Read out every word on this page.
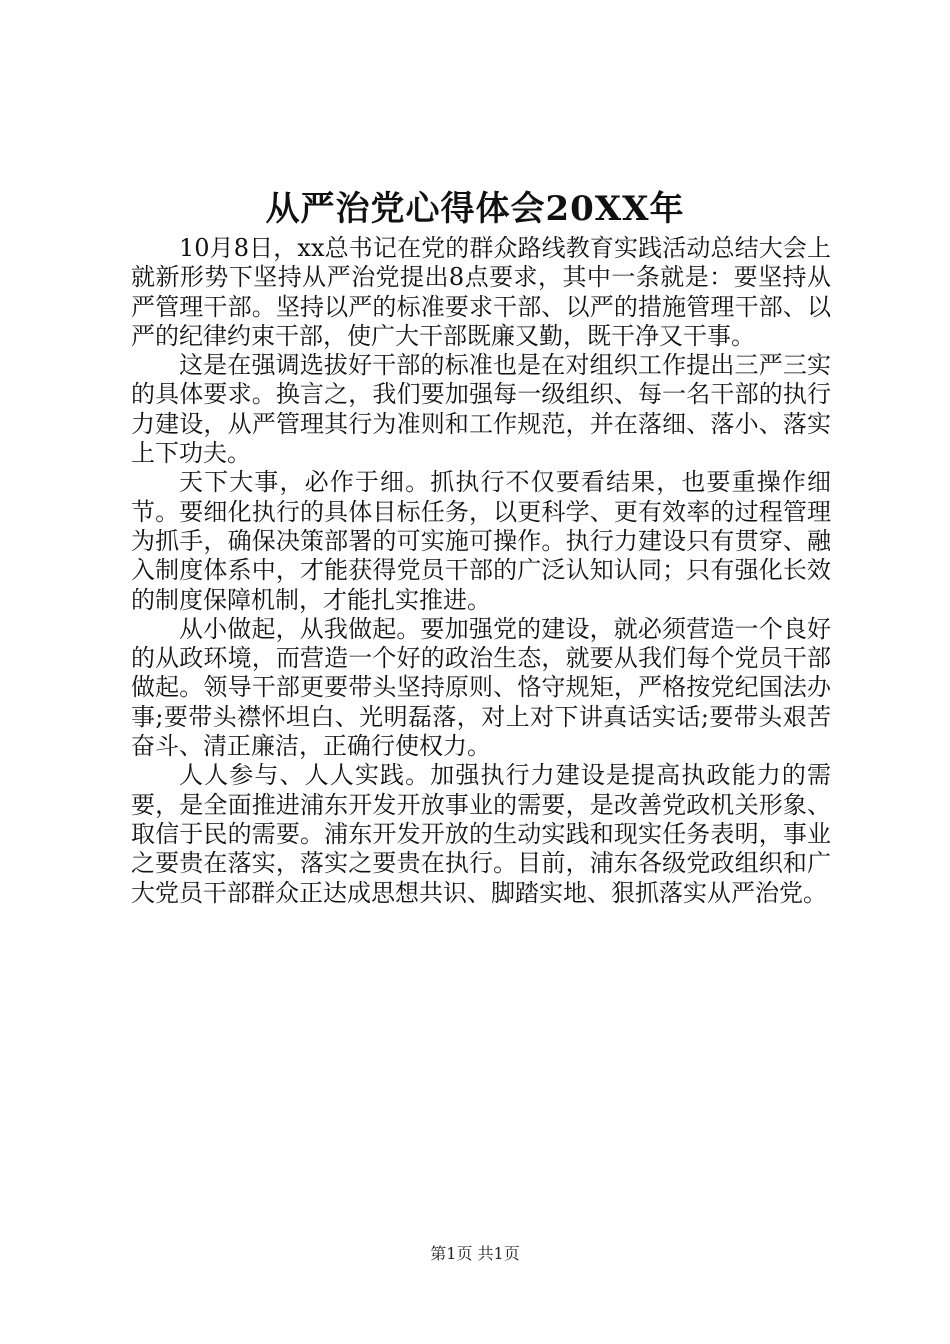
从严治党心得体会20XX年

10月8日，xx总书记在党的群众路线教育实践活动总结大会上就新形势下坚持从严治党提出8点要求，其中一条就是：要坚持从严管理干部。坚持以严的标准要求干部、以严的措施管理干部、以严的纪律约束干部，使广大干部既廉又勤，既干净又干事。

这是在强调选拔好干部的标准也是在对组织工作提出三严三实的具体要求。换言之，我们要加强每一级组织、每一名干部的执行力建设，从严管理其行为准则和工作规范，并在落细、落小、落实上下功夫。

天下大事，必作于细。抓执行不仅要看结果，也要重操作细节。要细化执行的具体目标任务，以更科学、更有效率的过程管理为抓手，确保决策部署的可实施可操作。执行力建设只有贯穿、融入制度体系中，才能获得党员干部的广泛认知认同；只有强化长效的制度保障机制，才能扎实推进。

从小做起，从我做起。要加强党的建设，就必须营造一个良好的从政环境，而营造一个好的政治生态，就要从我们每个党员干部做起。领导干部更要带头坚持原则、恪守规矩，严格按党纪国法办事;要带头襟怀坦白、光明磊落，对上对下讲真话实话;要带头艰苦奋斗、清正廉洁，正确行使权力。

人人参与、人人实践。加强执行力建设是提高执政能力的需要，是全面推进浦东开发开放事业的需要，是改善党政机关形象、取信于民的需要。浦东开发开放的生动实践和现实任务表明，事业之要贵在落实，落实之要贵在执行。目前，浦东各级党政组织和广大党员干部群众正达成思想共识、脚踏实地、狠抓落实从严治党。

第1页 共1页
